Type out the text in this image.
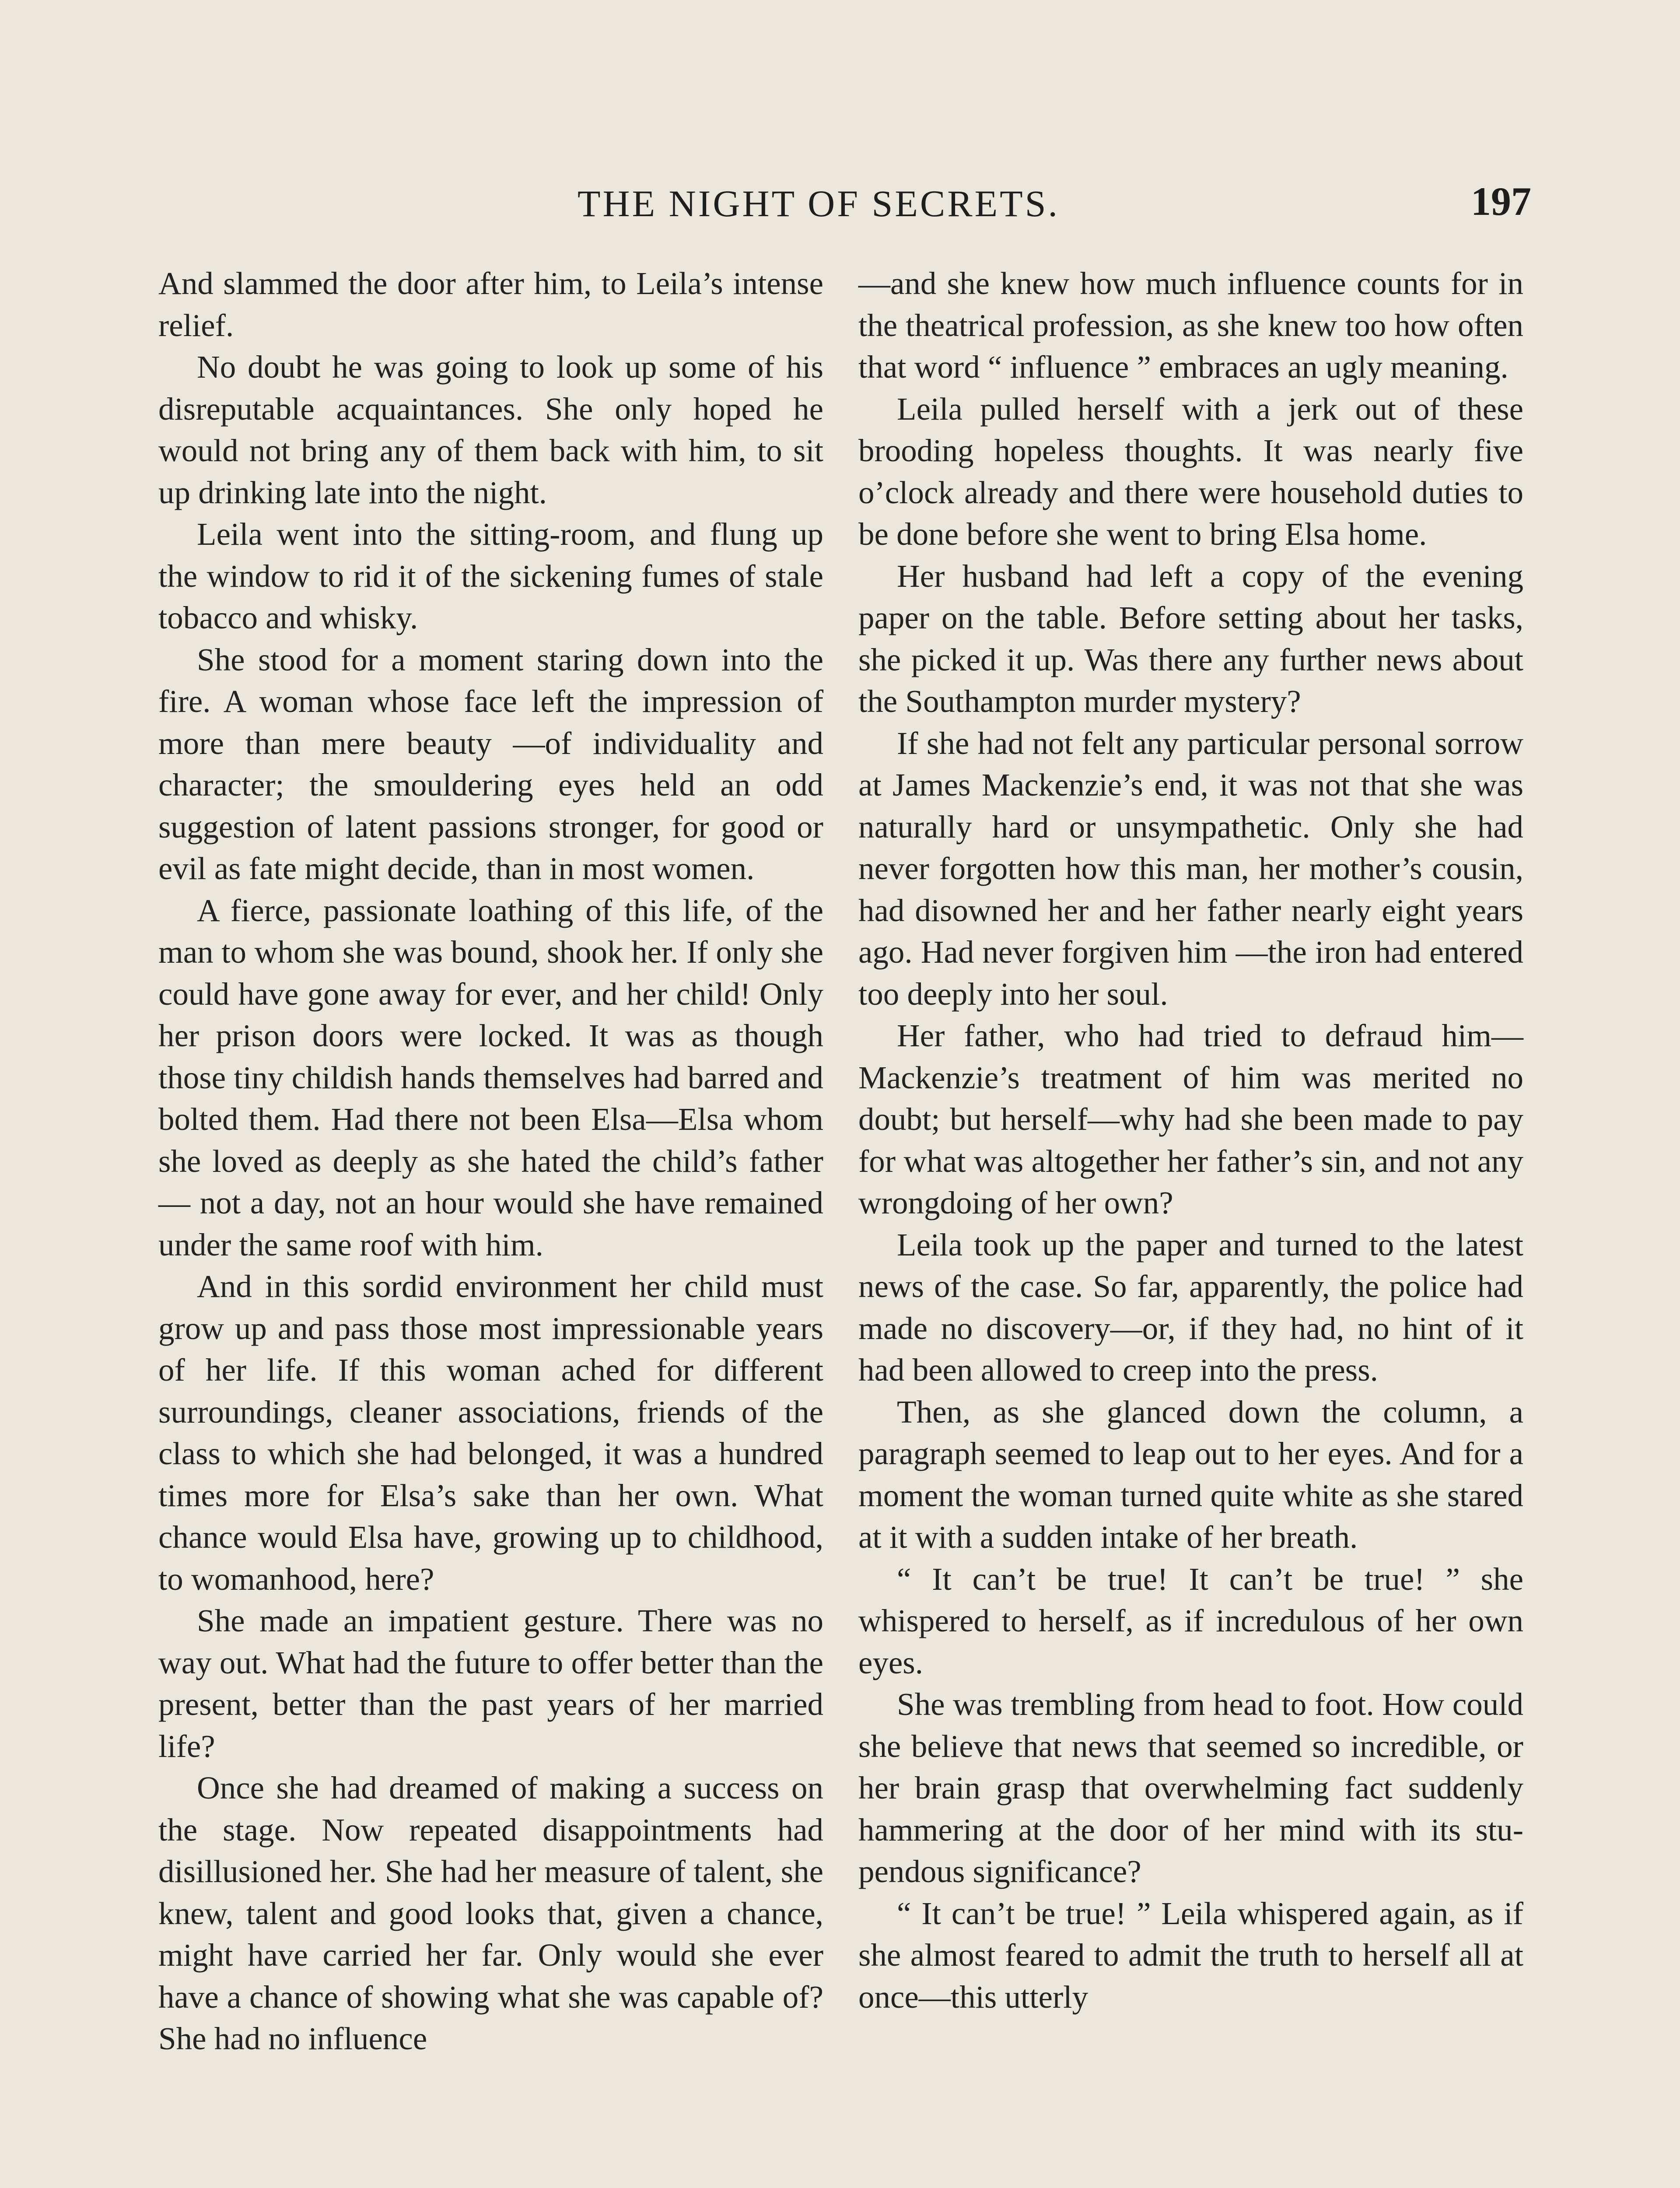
THE NIGHT OF SECRETS.	197

And slammed the door after him, to Leila’s intense relief.

No doubt he was going to look up some of his disreputable acquaintances. She only hoped he would not bring any of them back with him, to sit up drinking late into the night.

Leila went into the sitting-room, and flung up the window to rid it of the sickening fumes of stale tobacco and whisky.

She stood for a moment staring down into the fire. A woman whose face left the impression of more than mere beauty —of individuality and character; the smouldering eyes held an odd suggestion of latent passions stronger, for good or evil as fate might decide, than in most women.

A fierce, passionate loathing of this life, of the man to whom she was bound, shook her. If only she could have gone away for ever, and her child! Only her prison doors were locked. It was as though those tiny childish hands themselves had barred and bolted them. Had there not been Elsa—Elsa whom she loved as deeply as she hated the child’s father— not a day, not an hour would she have remained under the same roof with him.

And in this sordid environment her child must grow up and pass those most impressionable years of her life. If this woman ached for different surroundings, cleaner associations, friends of the class to which she had belonged, it was a hundred times more for Elsa’s sake than her own. What chance would Elsa have, growing up to childhood, to womanhood, here?

She made an impatient gesture. There was no way out. What had the future to offer better than the present, better than the past years of her married life?

Once she had dreamed of making a success on the stage. Now repeated disappointments had disillusioned her. She had her measure of talent, she knew, talent and good looks that, given a chance, might have carried her far. Only would she ever have a chance of showing what she was capable of? She had no influence

—and she knew how much influence counts for in the theatrical profession, as she knew too how often that word “ influence ” embraces an ugly meaning.

Leila pulled herself with a jerk out of these brooding hopeless thoughts. It was nearly five o’clock already and there were household duties to be done before she went to bring Elsa home.

Her husband had left a copy of the evening paper on the table. Before setting about her tasks, she picked it up. Was there any further news about the Southampton murder mystery?

If she had not felt any particular personal sorrow at James Mackenzie’s end, it was not that she was naturally hard or unsympathetic. Only she had never forgotten how this man, her mother’s cousin, had disowned her and her father nearly eight years ago. Had never forgiven him —the iron had entered too deeply into her soul.

Her father, who had tried to defraud him—Mackenzie’s treatment of him was merited no doubt; but herself—why had she been made to pay for what was altogether her father’s sin, and not any wrongdoing of her own?

Leila took up the paper and turned to the latest news of the case. So far, apparently, the police had made no discovery—or, if they had, no hint of it had been allowed to creep into the press.

Then, as she glanced down the column, a paragraph seemed to leap out to her eyes. And for a moment the woman turned quite white as she stared at it with a sudden intake of her breath.

“ It can’t be true! It can’t be true! ” she whispered to herself, as if incredulous of her own eyes.

She was trembling from head to foot. How could she believe that news that seemed so incredible, or her brain grasp that overwhelming fact suddenly hammering at the door of her mind with its stupendous significance?

“ It can’t be true! ” Leila whispered again, as if she almost feared to admit the truth to herself all at once—this utterly
